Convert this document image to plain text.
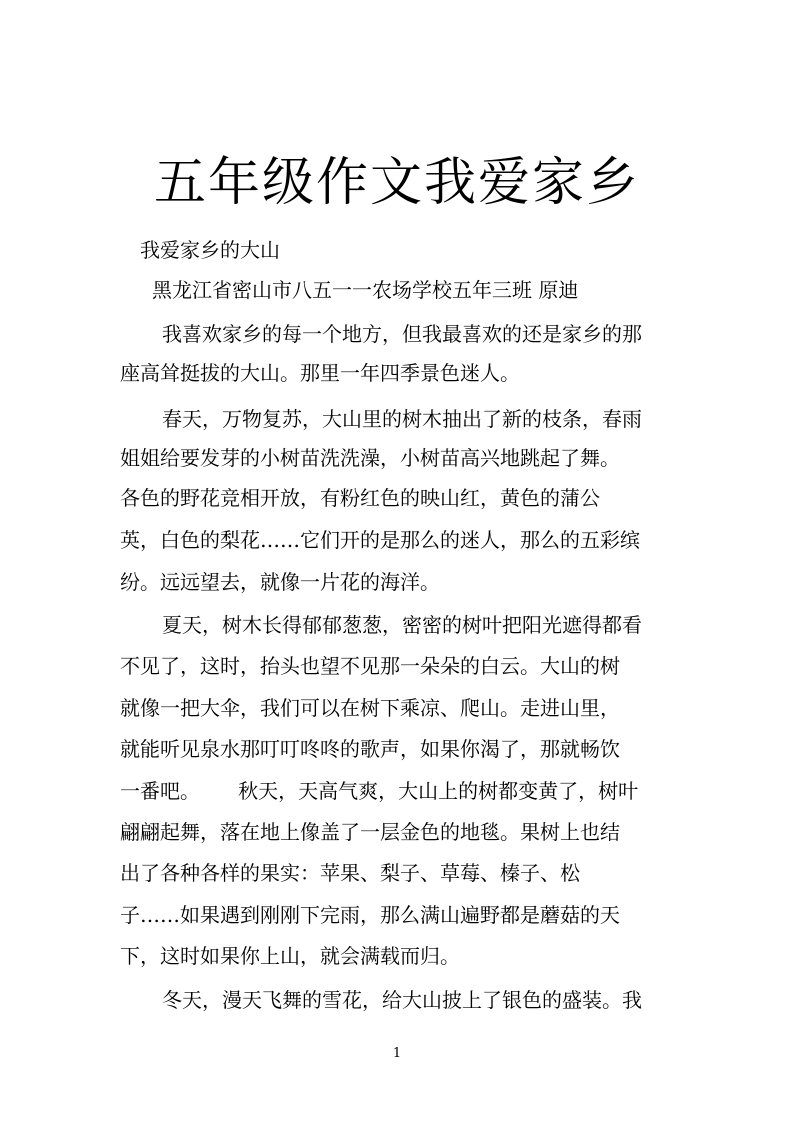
五年级作文我爱家乡

我爱家乡的大山

黑龙江省密山市八五一一农场学校五年三班 原迪

我喜欢家乡的每一个地方，但我最喜欢的还是家乡的那

座高耸挺拔的大山。那里一年四季景色迷人。

春天，万物复苏，大山里的树木抽出了新的枝条，春雨

姐姐给要发芽的小树苗洗洗澡，小树苗高兴地跳起了舞。

各色的野花竞相开放，有粉红色的映山红，黄色的蒲公

英，白色的梨花……它们开的是那么的迷人，那么的五彩缤

纷。远远望去，就像一片花的海洋。

夏天，树木长得郁郁葱葱，密密的树叶把阳光遮得都看

不见了，这时，抬头也望不见那一朵朵的白云。大山的树

就像一把大伞，我们可以在树下乘凉、爬山。走进山里，

就能听见泉水那叮叮咚咚的歌声，如果你渴了，那就畅饮

一番吧。      秋天，天高气爽，大山上的树都变黄了，树叶

翩翩起舞，落在地上像盖了一层金色的地毯。果树上也结

出了各种各样的果实：苹果、梨子、草莓、榛子、松

子……如果遇到刚刚下完雨，那么满山遍野都是蘑菇的天

下，这时如果你上山，就会满载而归。

冬天，漫天飞舞的雪花，给大山披上了银色的盛装。我

1
